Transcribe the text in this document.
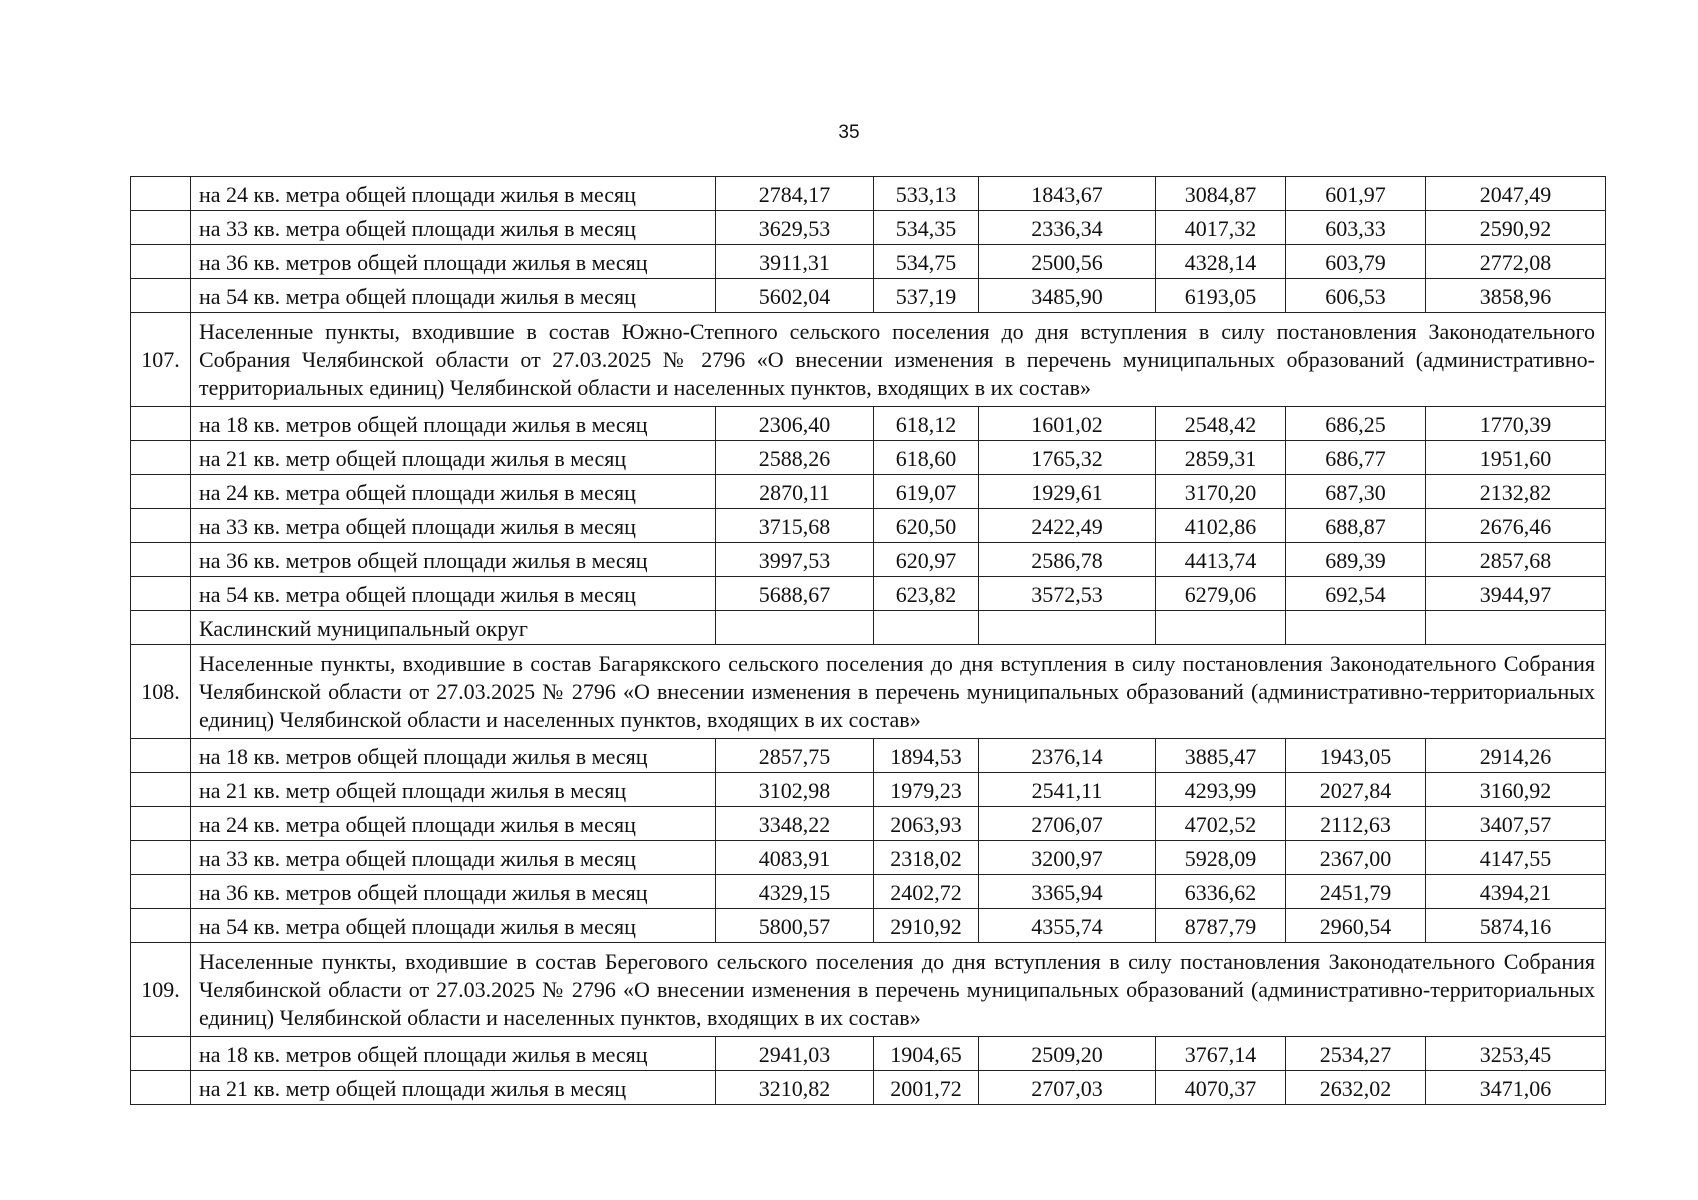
35
	на 24 кв. метра общей площади жилья в месяц	2784,17	533,13	1843,67	3084,87	601,97	2047,49
	на 33 кв. метра общей площади жилья в месяц	3629,53	534,35	2336,34	4017,32	603,33	2590,92
	на 36 кв. метров общей площади жилья в месяц	3911,31	534,75	2500,56	4328,14	603,79	2772,08
	на 54 кв. метра общей площади жилья в месяц	5602,04	537,19	3485,90	6193,05	606,53	3858,96
107.	Населенные пункты, входившие в состав Южно-Степного сельского поселения до дня вступления в силу постановления Законодательного Собрания Челябинской области от 27.03.2025 № 2796 «О внесении изменения в перечень муниципальных образований (административно-территориальных единиц) Челябинской области и населенных пунктов, входящих в их состав»						
	на 18 кв. метров общей площади жилья в месяц	2306,40	618,12	1601,02	2548,42	686,25	1770,39
	на 21 кв. метр общей площади жилья в месяц	2588,26	618,60	1765,32	2859,31	686,77	1951,60
	на 24 кв. метра общей площади жилья в месяц	2870,11	619,07	1929,61	3170,20	687,30	2132,82
	на 33 кв. метра общей площади жилья в месяц	3715,68	620,50	2422,49	4102,86	688,87	2676,46
	на 36 кв. метров общей площади жилья в месяц	3997,53	620,97	2586,78	4413,74	689,39	2857,68
	на 54 кв. метра общей площади жилья в месяц	5688,67	623,82	3572,53	6279,06	692,54	3944,97
	Каслинский муниципальный округ						
108.	Населенные пункты, входившие в состав Багарякского сельского поселения до дня вступления в силу постановления Законодательного Собрания Челябинской области от 27.03.2025 № 2796 «О внесении изменения в перечень муниципальных образований (административно-территориальных единиц) Челябинской области и населенных пунктов, входящих в их состав»						
	на 18 кв. метров общей площади жилья в месяц	2857,75	1894,53	2376,14	3885,47	1943,05	2914,26
	на 21 кв. метр общей площади жилья в месяц	3102,98	1979,23	2541,11	4293,99	2027,84	3160,92
	на 24 кв. метра общей площади жилья в месяц	3348,22	2063,93	2706,07	4702,52	2112,63	3407,57
	на 33 кв. метра общей площади жилья в месяц	4083,91	2318,02	3200,97	5928,09	2367,00	4147,55
	на 36 кв. метров общей площади жилья в месяц	4329,15	2402,72	3365,94	6336,62	2451,79	4394,21
	на 54 кв. метра общей площади жилья в месяц	5800,57	2910,92	4355,74	8787,79	2960,54	5874,16
109.	Населенные пункты, входившие в состав Берегового сельского поселения до дня вступления в силу постановления Законодательного Собрания Челябинской области от 27.03.2025 № 2796 «О внесении изменения в перечень муниципальных образований (административно-территориальных единиц) Челябинской области и населенных пунктов, входящих в их состав»						
	на 18 кв. метров общей площади жилья в месяц	2941,03	1904,65	2509,20	3767,14	2534,27	3253,45
	на 21 кв. метр общей площади жилья в месяц	3210,82	2001,72	2707,03	4070,37	2632,02	3471,06
